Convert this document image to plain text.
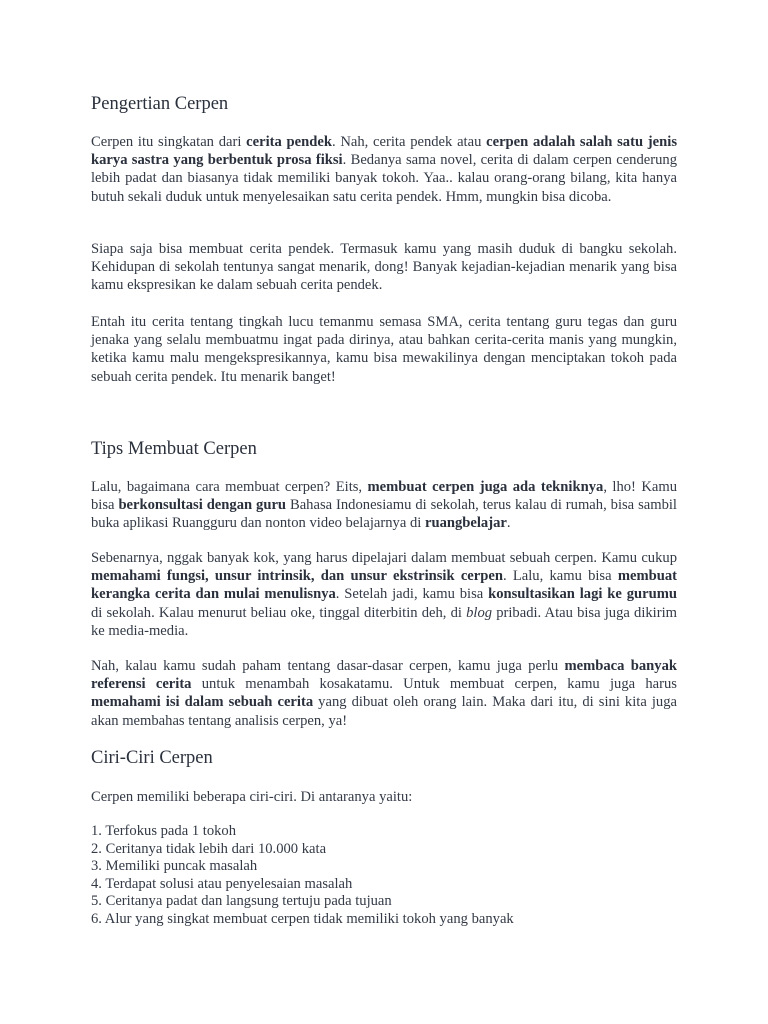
Pengertian Cerpen

Cerpen itu singkatan dari cerita pendek. Nah, cerita pendek atau cerpen adalah salah satu jenis karya sastra yang berbentuk prosa fiksi. Bedanya sama novel, cerita di dalam cerpen cenderung lebih padat dan biasanya tidak memiliki banyak tokoh. Yaa.. kalau orang-orang bilang, kita hanya butuh sekali duduk untuk menyelesaikan satu cerita pendek. Hmm, mungkin bisa dicoba.

Siapa saja bisa membuat cerita pendek. Termasuk kamu yang masih duduk di bangku sekolah. Kehidupan di sekolah tentunya sangat menarik, dong! Banyak kejadian-kejadian menarik yang bisa kamu ekspresikan ke dalam sebuah cerita pendek.

Entah itu cerita tentang tingkah lucu temanmu semasa SMA, cerita tentang guru tegas dan guru jenaka yang selalu membuatmu ingat pada dirinya, atau bahkan cerita-cerita manis yang mungkin, ketika kamu malu mengekspresikannya, kamu bisa mewakilinya dengan menciptakan tokoh pada sebuah cerita pendek. Itu menarik banget!

Tips Membuat Cerpen

Lalu, bagaimana cara membuat cerpen? Eits, membuat cerpen juga ada tekniknya, lho! Kamu bisa berkonsultasi dengan guru Bahasa Indonesiamu di sekolah, terus kalau di rumah, bisa sambil buka aplikasi Ruangguru dan nonton video belajarnya di ruangbelajar.

Sebenarnya, nggak banyak kok, yang harus dipelajari dalam membuat sebuah cerpen. Kamu cukup memahami fungsi, unsur intrinsik, dan unsur ekstrinsik cerpen. Lalu, kamu bisa membuat kerangka cerita dan mulai menulisnya. Setelah jadi, kamu bisa konsultasikan lagi ke gurumu di sekolah. Kalau menurut beliau oke, tinggal diterbitin deh, di blog pribadi. Atau bisa juga dikirim ke media-media.

Nah, kalau kamu sudah paham tentang dasar-dasar cerpen, kamu juga perlu membaca banyak referensi cerita untuk menambah kosakatamu. Untuk membuat cerpen, kamu juga harus memahami isi dalam sebuah cerita yang dibuat oleh orang lain. Maka dari itu, di sini kita juga akan membahas tentang analisis cerpen, ya!

Ciri-Ciri Cerpen

Cerpen memiliki beberapa ciri-ciri. Di antaranya yaitu:

1. Terfokus pada 1 tokoh
2. Ceritanya tidak lebih dari 10.000 kata
3. Memiliki puncak masalah
4. Terdapat solusi atau penyelesaian masalah
5. Ceritanya padat dan langsung tertuju pada tujuan
6. Alur yang singkat membuat cerpen tidak memiliki tokoh yang banyak
